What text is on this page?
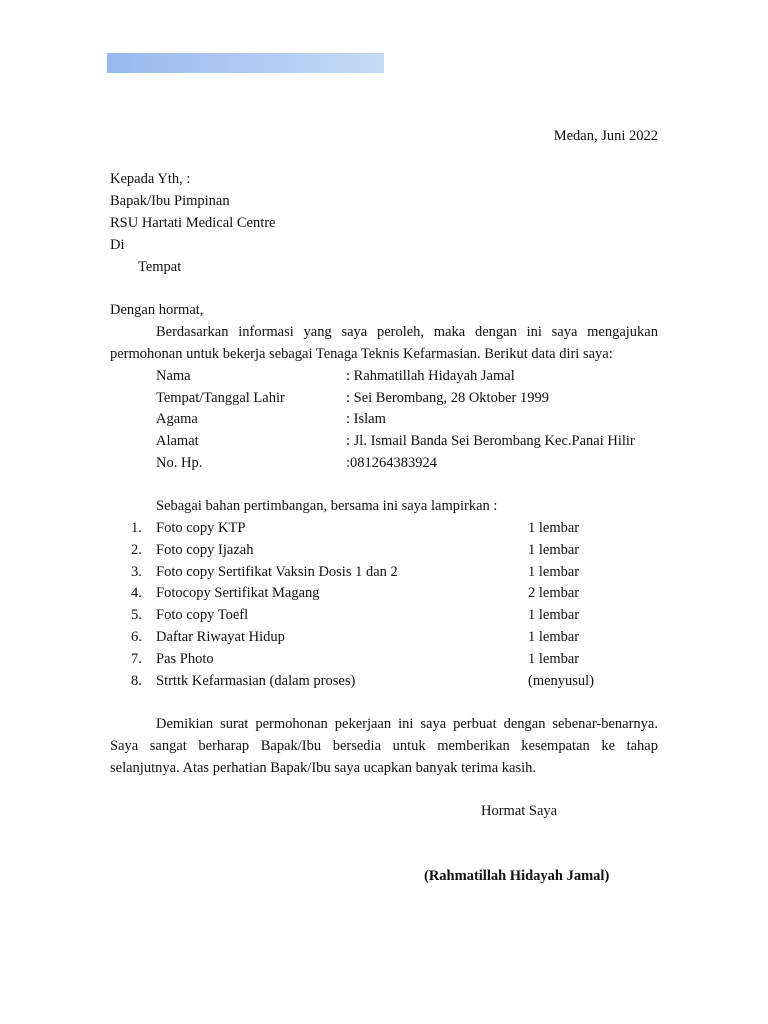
Medan, Juni 2022
Kepada Yth, :
Bapak/Ibu Pimpinan
RSU Hartati Medical Centre
Di
Tempat
Dengan hormat,

Berdasarkan informasi yang saya peroleh, maka dengan ini saya mengajukan permohonan untuk bekerja sebagai Tenaga Teknis Kefarmasian. Berikut data diri saya:

Nama	: Rahmatillah Hidayah Jamal
Tempat/Tanggal Lahir	: Sei Berombang, 28 Oktober 1999
Agama	: Islam
Alamat	: Jl. Ismail Banda Sei Berombang Kec.Panai Hilir
No. Hp.	:081264383924
Sebagai bahan pertimbangan, bersama ini saya lampirkan :
1. Foto copy KTP	1 lembar
2. Foto copy Ijazah	1 lembar
3. Foto copy Sertifikat Vaksin Dosis 1 dan 2	1 lembar
4. Fotocopy Sertifikat Magang	2 lembar
5. Foto copy Toefl	1 lembar
6. Daftar Riwayat Hidup	1 lembar
7. Pas Photo	1 lembar
8. Strttk Kefarmasian (dalam proses)	(menyusul)

Demikian surat permohonan pekerjaan ini saya perbuat dengan sebenar-benarnya. Saya sangat berharap Bapak/Ibu bersedia untuk memberikan kesempatan ke tahap selanjutnya. Atas perhatian Bapak/Ibu saya ucapkan banyak terima kasih.

Hormat Saya
(Rahmatillah Hidayah Jamal)
